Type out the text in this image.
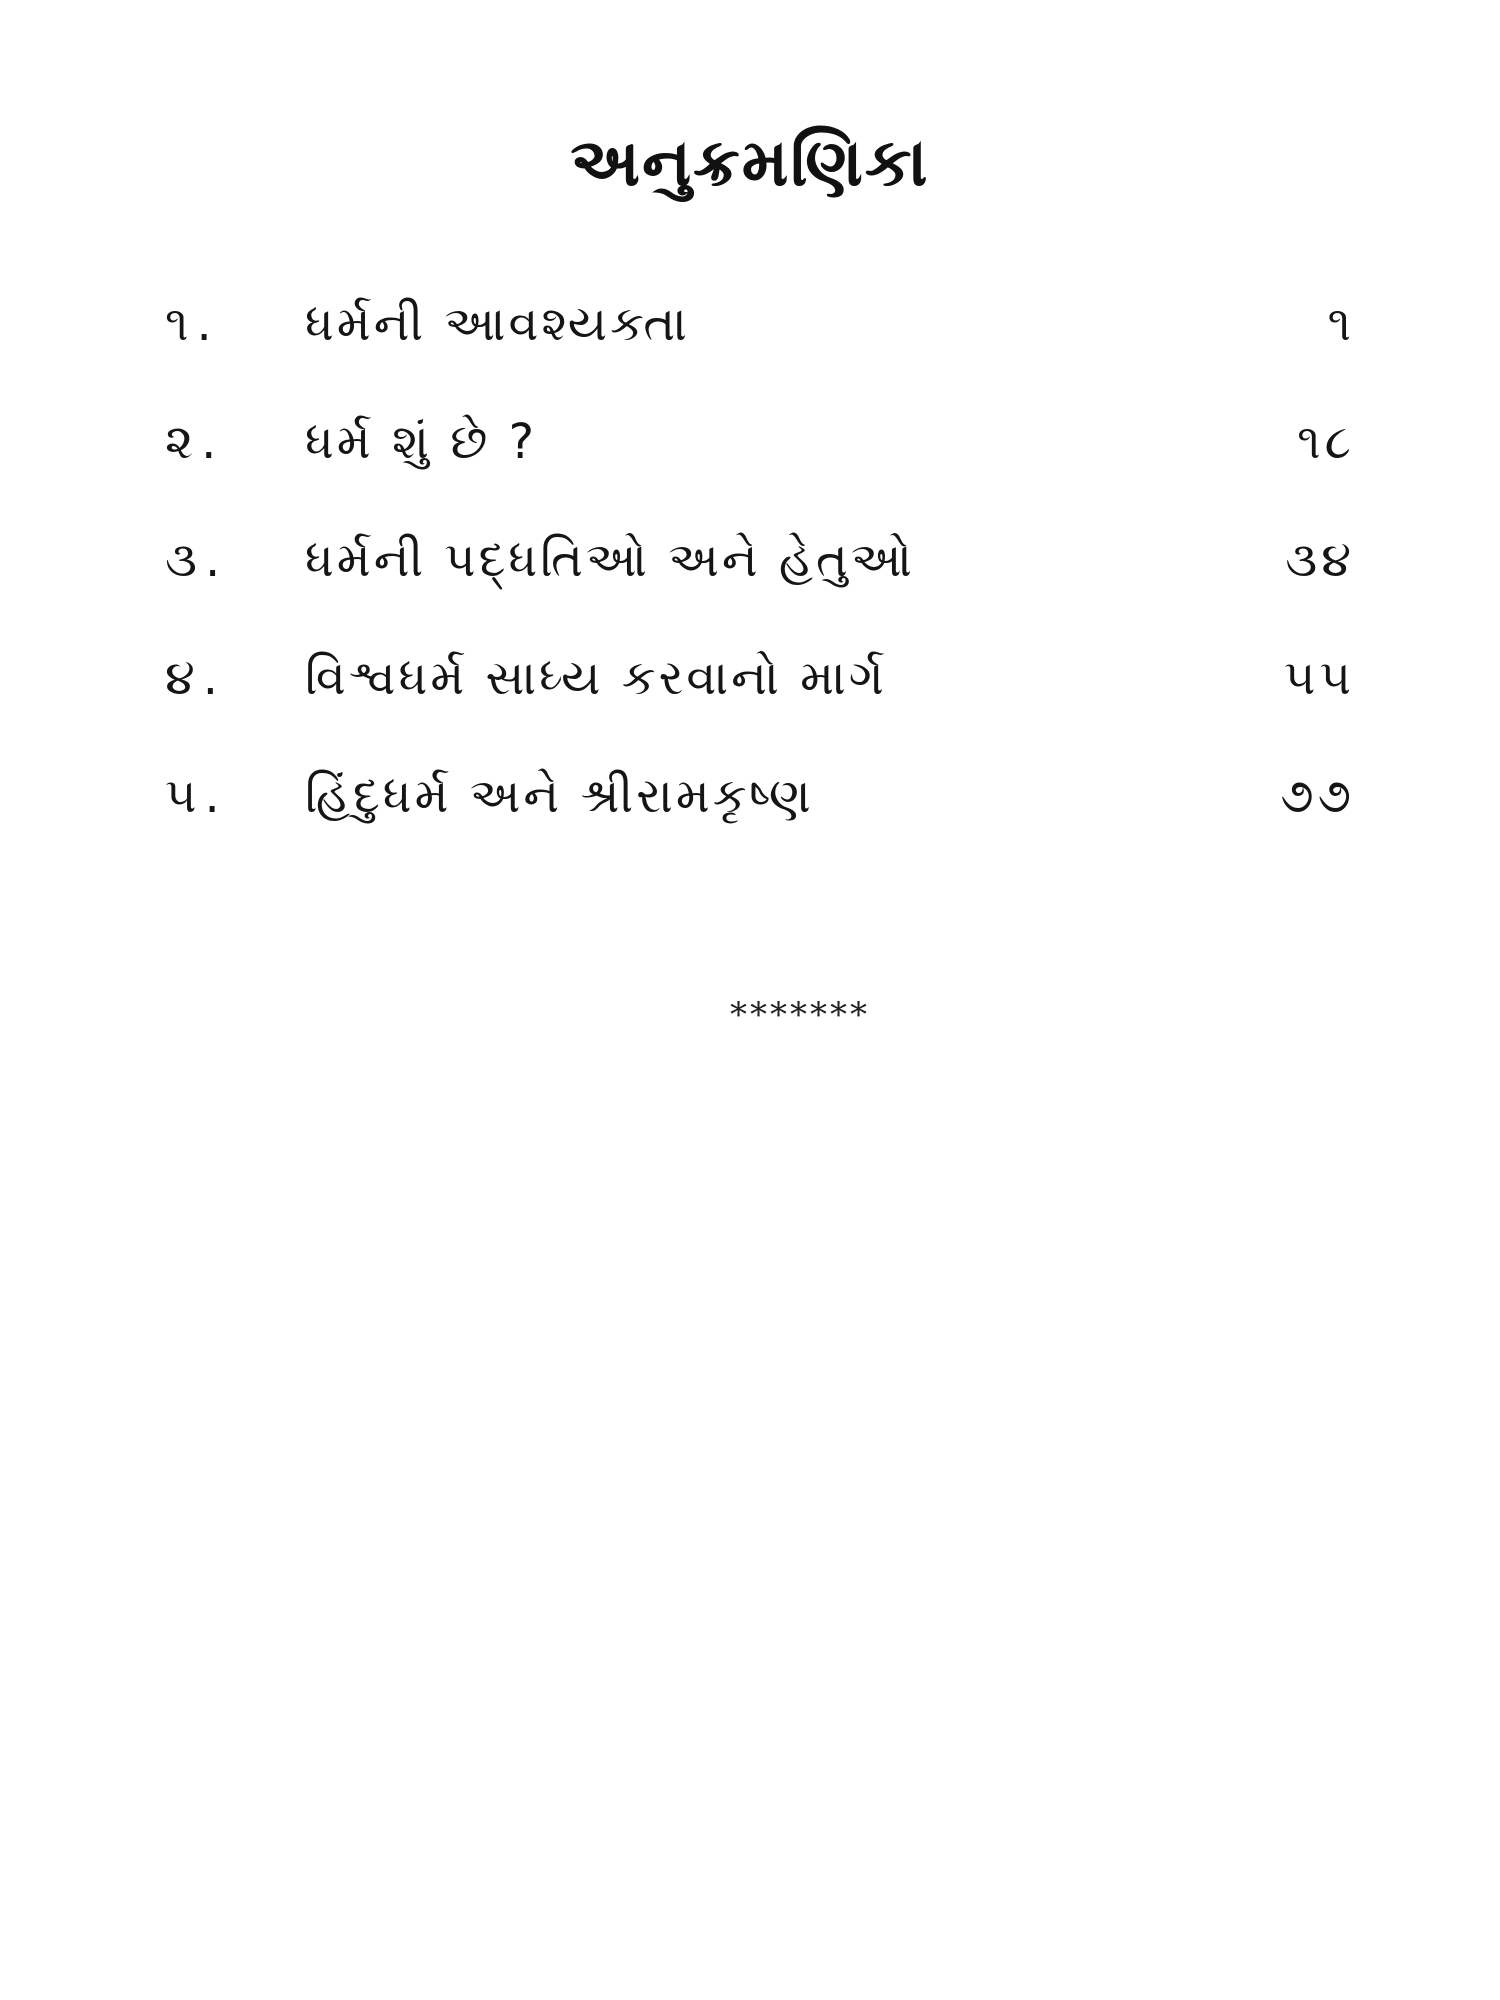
અનુક્રમણિકા
૧.	ધર્મની આવશ્યક્તા	૧
૨.	ધર્મ શું છે ?	૧૮
૩.	ધર્મની પદ્ધતિઓ અને હેતુઓ	૩૪
૪.	વિશ્વધર્મ સાધ્ય કરવાનો માર્ગ	૫૫
૫.	હિંદુધર્મ અને શ્રીરામકૃષ્ણ	૭૭
*******
